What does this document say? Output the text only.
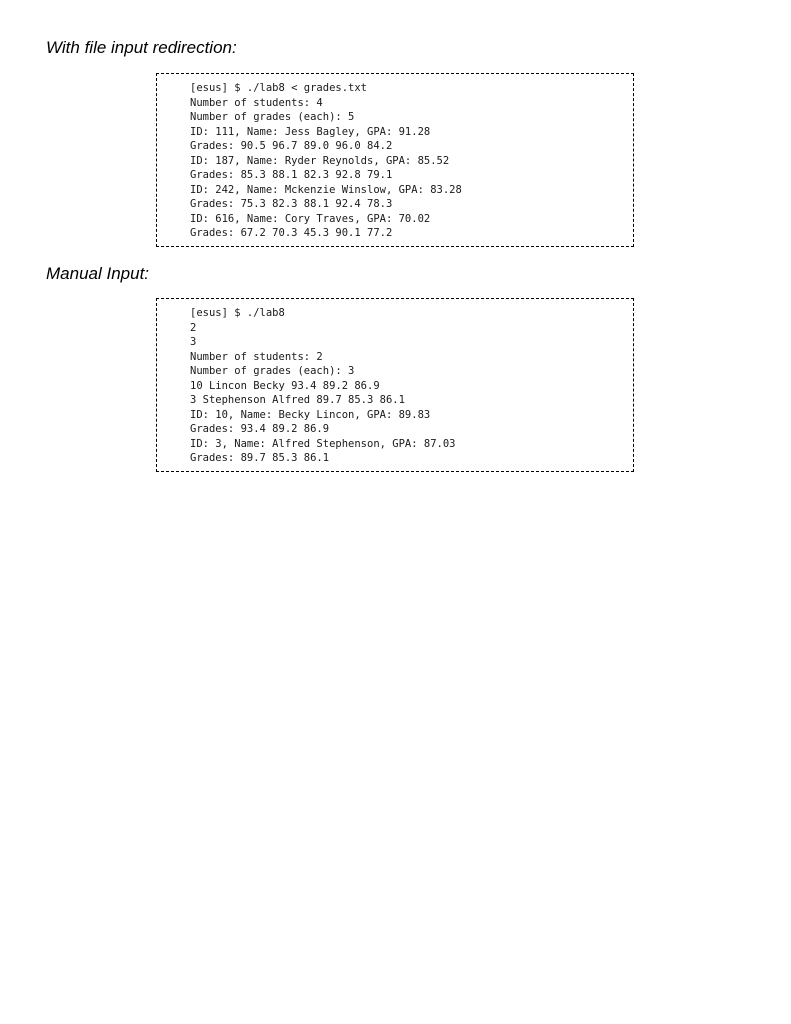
With file input redirection:
[esus] $ ./lab8 < grades.txt
Number of students: 4
Number of grades (each): 5
ID: 111, Name: Jess Bagley, GPA: 91.28
Grades: 90.5 96.7 89.0 96.0 84.2
ID: 187, Name: Ryder Reynolds, GPA: 85.52
Grades: 85.3 88.1 82.3 92.8 79.1
ID: 242, Name: Mckenzie Winslow, GPA: 83.28
Grades: 75.3 82.3 88.1 92.4 78.3
ID: 616, Name: Cory Traves, GPA: 70.02
Grades: 67.2 70.3 45.3 90.1 77.2
Manual Input:
[esus] $ ./lab8
2
3
Number of students: 2
Number of grades (each): 3
10 Lincon Becky 93.4 89.2 86.9
3 Stephenson Alfred 89.7 85.3 86.1
ID: 10, Name: Becky Lincon, GPA: 89.83
Grades: 93.4 89.2 86.9
ID: 3, Name: Alfred Stephenson, GPA: 87.03
Grades: 89.7 85.3 86.1
